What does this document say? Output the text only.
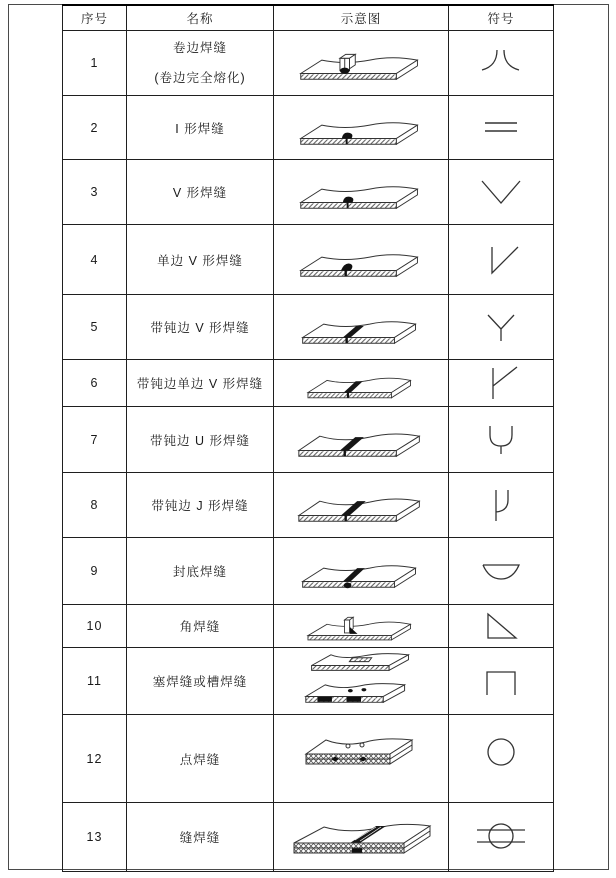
序号	名称	示意图	符号
1	卷边焊缝
(卷边完全熔化)

2	I 形焊缝	

3	V 形焊缝	

4	单边 V 形焊缝	

5	带钝边 V 形焊缝	

6	带钝边单边 V 形焊缝	

7	带钝边 U 形焊缝	

8	带钝边 J 形焊缝	

9	封底焊缝	

10	角焊缝	

11	塞焊缝或槽焊缝	

12	点焊缝	

13	缝焊缝	
